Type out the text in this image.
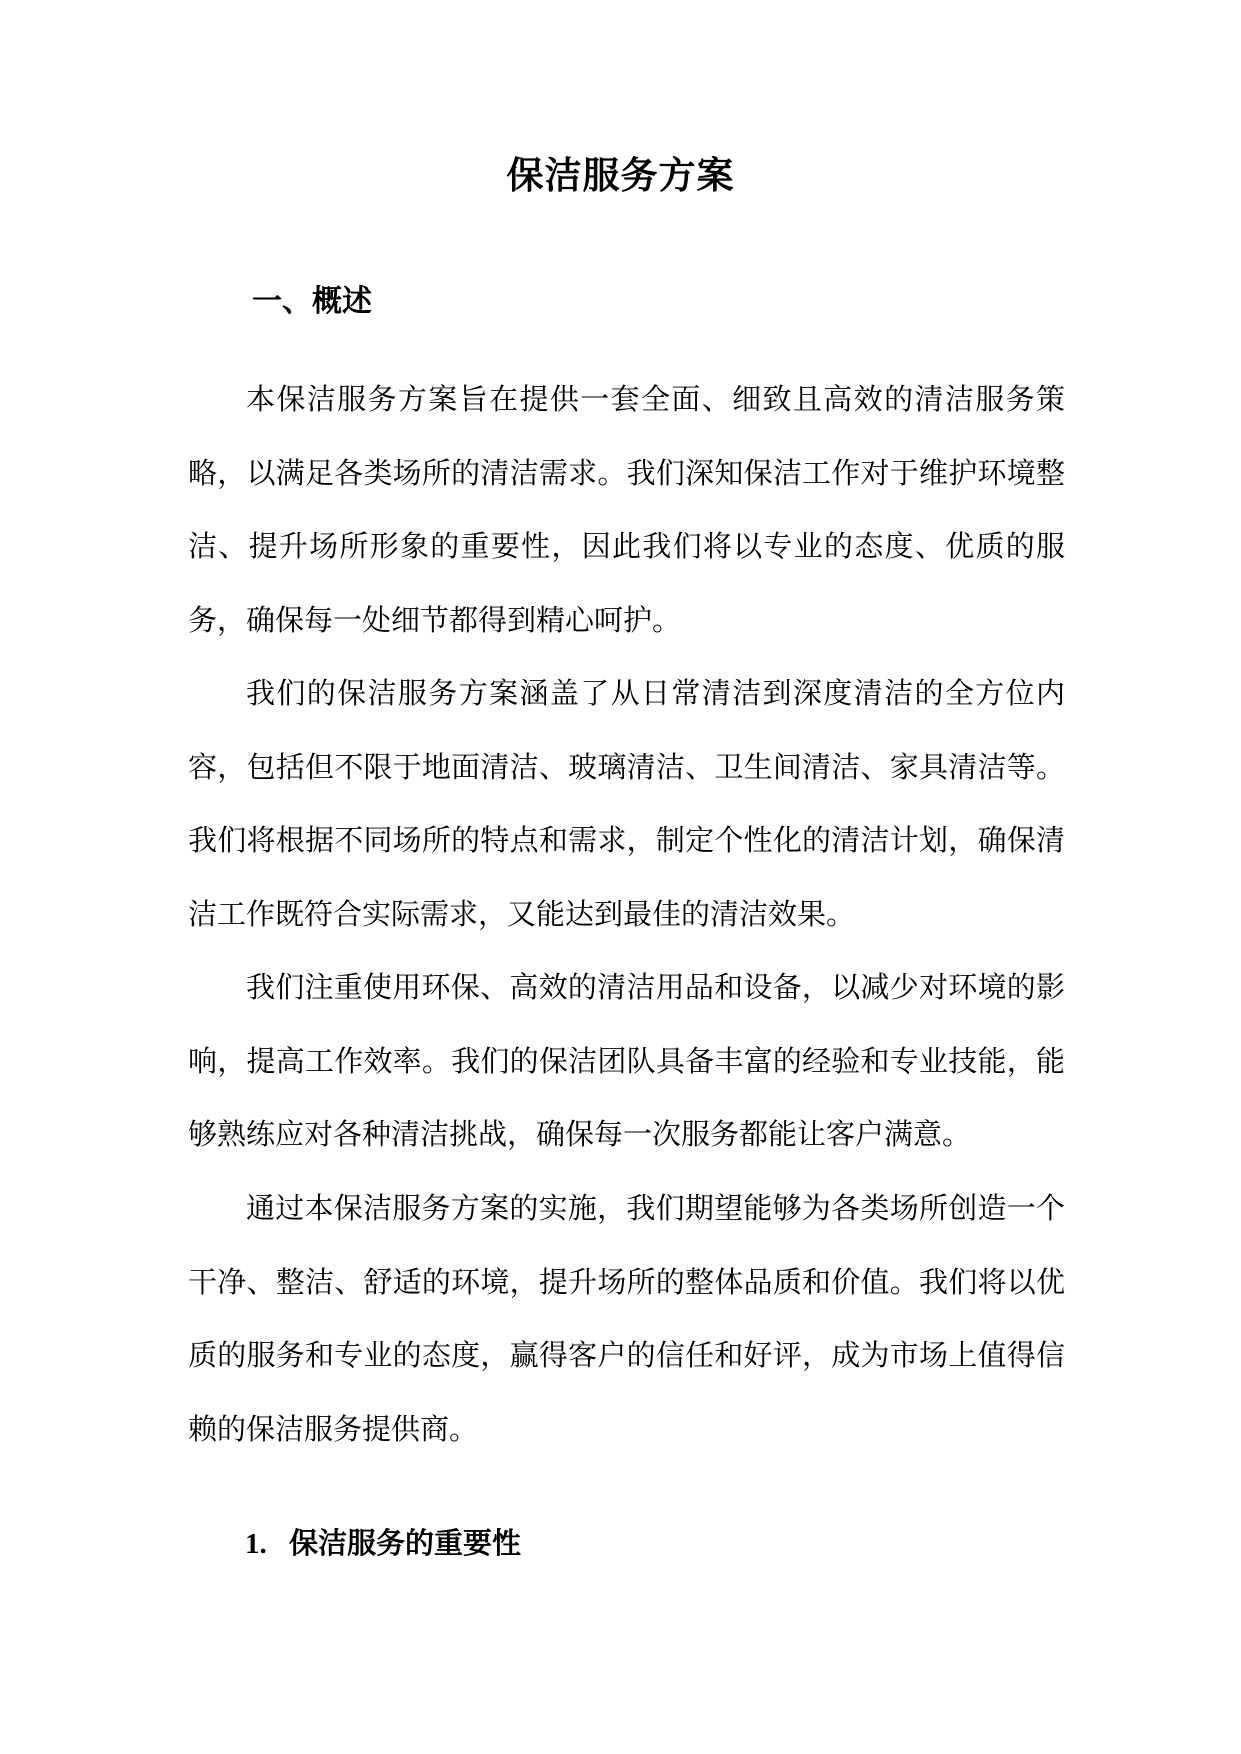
保洁服务方案
一、概述

本保洁服务方案旨在提供一套全面、细致且高效的清洁服务策略，以满足各类场所的清洁需求。我们深知保洁工作对于维护环境整洁、提升场所形象的重要性，因此我们将以专业的态度、优质的服务，确保每一处细节都得到精心呵护。

我们的保洁服务方案涵盖了从日常清洁到深度清洁的全方位内容，包括但不限于地面清洁、玻璃清洁、卫生间清洁、家具清洁等。我们将根据不同场所的特点和需求，制定个性化的清洁计划，确保清洁工作既符合实际需求，又能达到最佳的清洁效果。

我们注重使用环保、高效的清洁用品和设备，以减少对环境的影响，提高工作效率。我们的保洁团队具备丰富的经验和专业技能，能够熟练应对各种清洁挑战，确保每一次服务都能让客户满意。

通过本保洁服务方案的实施，我们期望能够为各类场所创造一个干净、整洁、舒适的环境，提升场所的整体品质和价值。我们将以优质的服务和专业的态度，赢得客户的信任和好评，成为市场上值得信赖的保洁服务提供商。

1. 保洁服务的重要性
